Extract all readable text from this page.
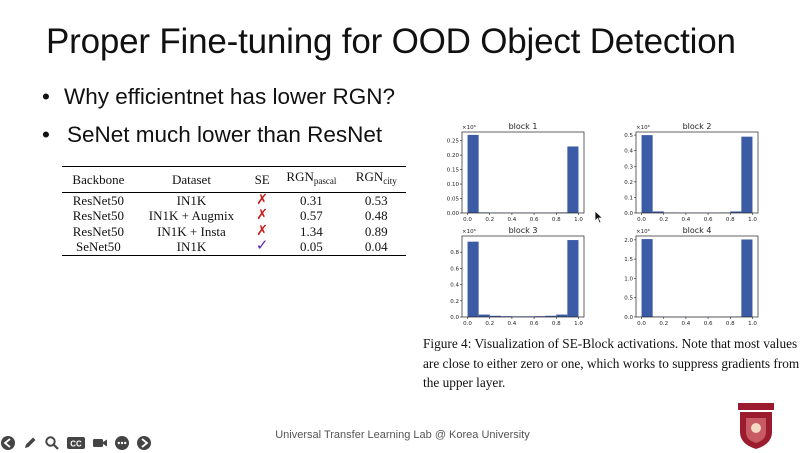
Proper Fine-tuning for OOD Object Detection
• Why efficientnet has lower RGN?
• SeNet much lower than ResNet
Backbone	Dataset	SE	$RGN_{pascal}$	$RGN_{city}$
ResNet50	IN1K	✗	0.31	0.53
ResNet50	IN1K + Augmix	✗	0.57	0.48
ResNet50	IN1K + Insta	✗	1.34	0.89
SeNet50	IN1K	✓	0.05	0.04
block 1
×10⁶
0.0 0.2 0.4 0.6 0.8 1.0
0.00
0.05
0.10
0.15
0.20
0.25
block 2
×10⁶
0.0 0.2 0.4 0.6 0.8 1.0
0.0
0.1
0.2
0.3
0.4
0.5
block 3
×10⁶
0.0 0.2 0.4 0.6 0.8 1.0
0.0
0.2
0.4
0.6
0.8
block 4
×10⁶
0.0 0.2 0.4 0.6 0.8 1.0
0.0
0.5
1.0
1.5
2.0
Figure 4: Visualization of SE-Block activations. Note that most values are close to either zero or one, which works to suppress gradients from the upper layer.
Universal Transfer Learning Lab @ Korea University
CC
